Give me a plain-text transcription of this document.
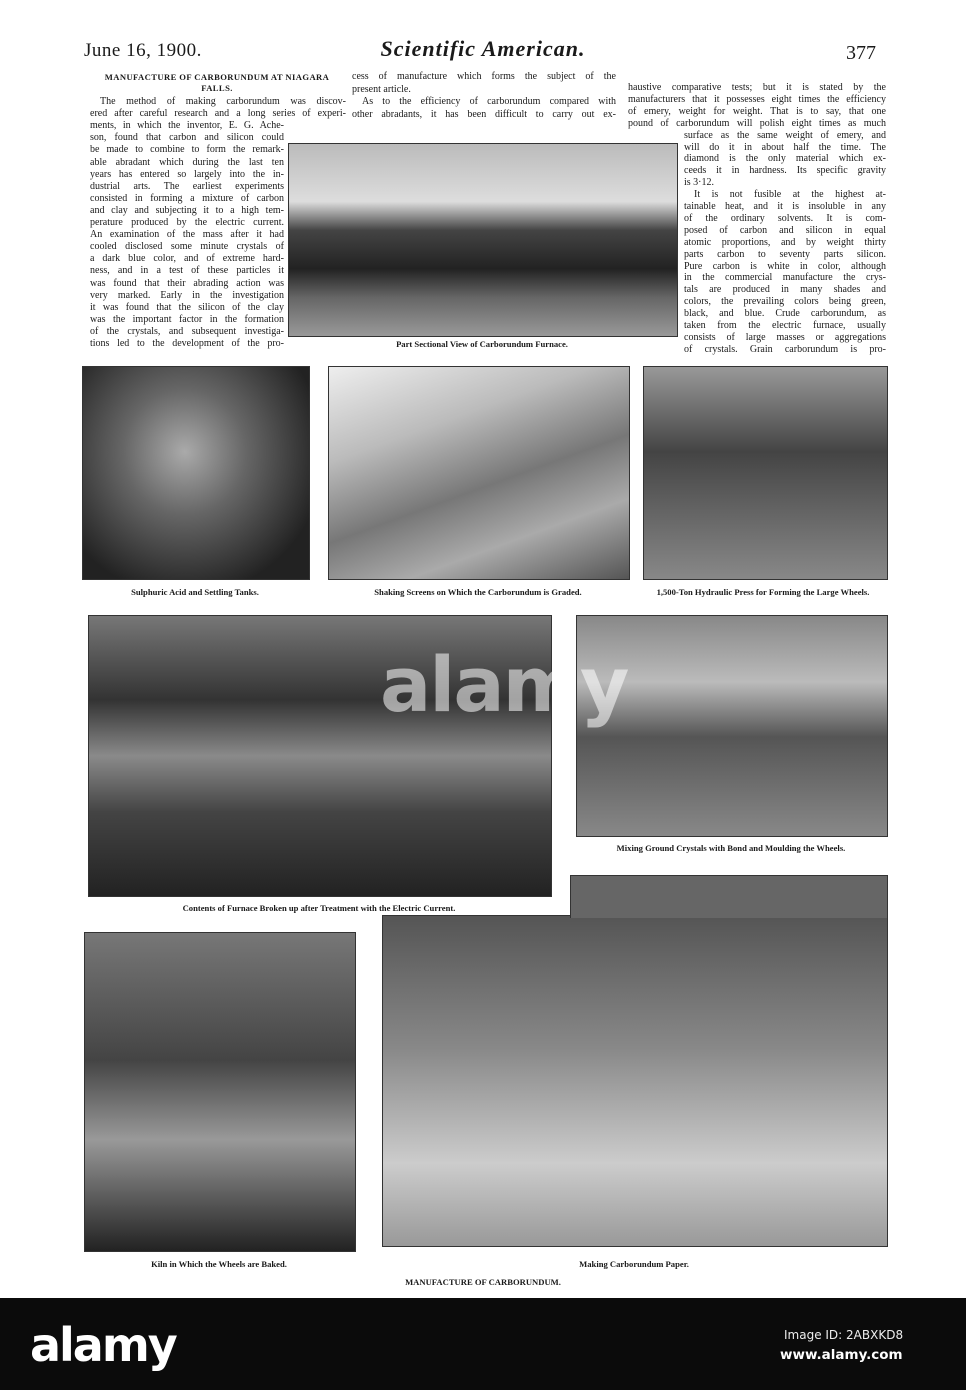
June 16, 1900.	Scientific American.	377
MANUFACTURE OF CARBORUNDUM AT NIAGARA
FALLS.
The method of making carborundum was discov-
ered after careful research and a long series of experi-
ments, in which the inventor, E. G. Ache-
son, found that carbon and silicon could
be made to combine to form the remark-
able abradant which during the last ten
years has entered so largely into the in-
dustrial arts. The earliest experiments
consisted in forming a mixture of carbon
and clay and subjecting it to a high tem-
perature produced by the electric current.
An examination of the mass after it had
cooled disclosed some minute crystals of
a dark blue color, and of extreme hard-
ness, and in a test of these particles it
was found that their abrading action was
very marked. Early in the investigation
it was found that the silicon of the clay
was the important factor in the formation
of the crystals, and subsequent investiga-
tions led to the development of the pro-
cess of manufacture which forms the subject of the
present article.
As to the efficiency of carborundum compared with
other abradants, it has been difficult to carry out ex-
haustive comparative tests; but it is stated by the
manufacturers that it possesses eight times the efficiency
of emery, weight for weight. That is to say, that one
pound of carborundum will polish eight times as much
surface as the same weight of emery, and
will do it in about half the time. The
diamond is the only material which ex-
ceeds it in hardness. Its specific gravity
is 3·12.
It is not fusible at the highest at-
tainable heat, and it is insoluble in any
of the ordinary solvents. It is com-
posed of carbon and silicon in equal
atomic proportions, and by weight thirty
parts carbon to seventy parts silicon.
Pure carbon is white in color, although
in the commercial manufacture the crys-
tals are produced in many shades and
colors, the prevailing colors being green,
black, and blue. Crude carborundum, as
taken from the electric furnace, usually
consists of large masses or aggregations
of crystals. Grain carborundum is pro-
alamy
Part Sectional View of Carborundum Furnace.
Sulphuric Acid and Settling Tanks.	Shaking Screens on Which the Carborundum is Graded.	1,500-Ton Hydraulic Press for Forming the Large Wheels.
Mixing Ground Crystals with Bond and Moulding the Wheels.
Contents of Furnace Broken up after Treatment with the Electric Current.
Kiln in Which the Wheels are Baked.	Making Carborundum Paper.
MANUFACTURE OF CARBORUNDUM.
alamy	Image ID: 2ABXKD8
www.alamy.com
